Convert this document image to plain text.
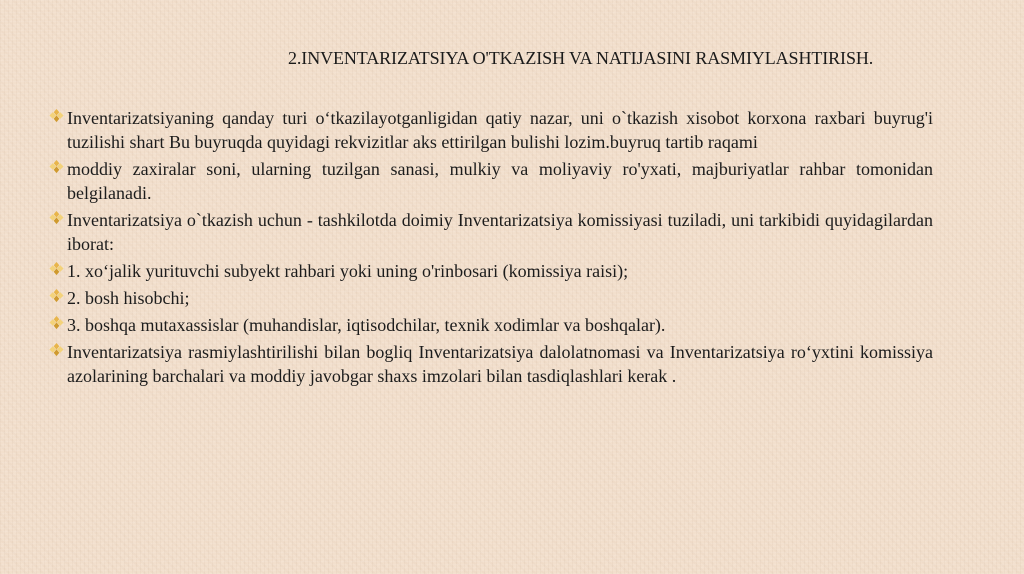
2.INVENTARIZATSIYA O'TKAZISH VA NATIJASINI RASMIYLASHTIRISH.
Inventarizatsiyaning qanday turi o‘tkazilayotganligidan qatiy nazar, uni o`tkazish xisobot korxona raxbari buyrug'i tuzilishi shart Bu buyruqda quyidagi rekvizitlar aks ettirilgan bulishi lozim.buyruq tartib raqami
moddiy zaxiralar soni, ularning tuzilgan sanasi, mulkiy va moliyaviy ro'yxati, majburiyatlar rahbar tomonidan belgilanadi.
Inventarizatsiya o`tkazish uchun - tashkilotda doimiy Inventarizatsiya komissiyasi tuziladi, uni tarkibidi quyidagilardan iborat:
1. xo‘jalik yurituvchi subyekt rahbari yoki uning o'rinbosari (komissiya raisi);
2. bosh hisobchi;
3. boshqa mutaxassislar (muhandislar, iqtisodchilar, texnik xodimlar va boshqalar).
Inventarizatsiya rasmiylashtirilishi bilan bogliq Inventarizatsiya dalolatnomasi va Inventarizatsiya ro‘yxtini komissiya azolarining barchalari va moddiy javobgar shaxs imzolari bilan tasdiqlashlari kerak .
